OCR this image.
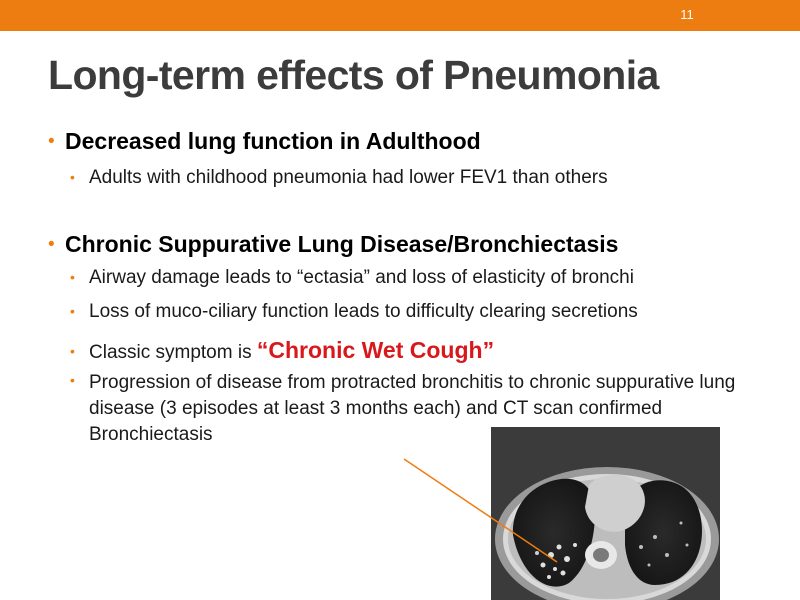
11
Long-term effects of Pneumonia
• Decreased lung function in Adulthood
• Adults with childhood pneumonia had lower FEV1 than others
• Chronic Suppurative Lung Disease/Bronchiectasis
• Airway damage leads to “ectasia” and loss of elasticity of bronchi
• Loss of muco-ciliary function leads to difficulty clearing secretions
• Classic symptom is “Chronic Wet Cough”
• Progression of disease from protracted bronchitis to chronic suppurative lung disease (3 episodes at least 3 months each) and CT scan confirmed Bronchiectasis
